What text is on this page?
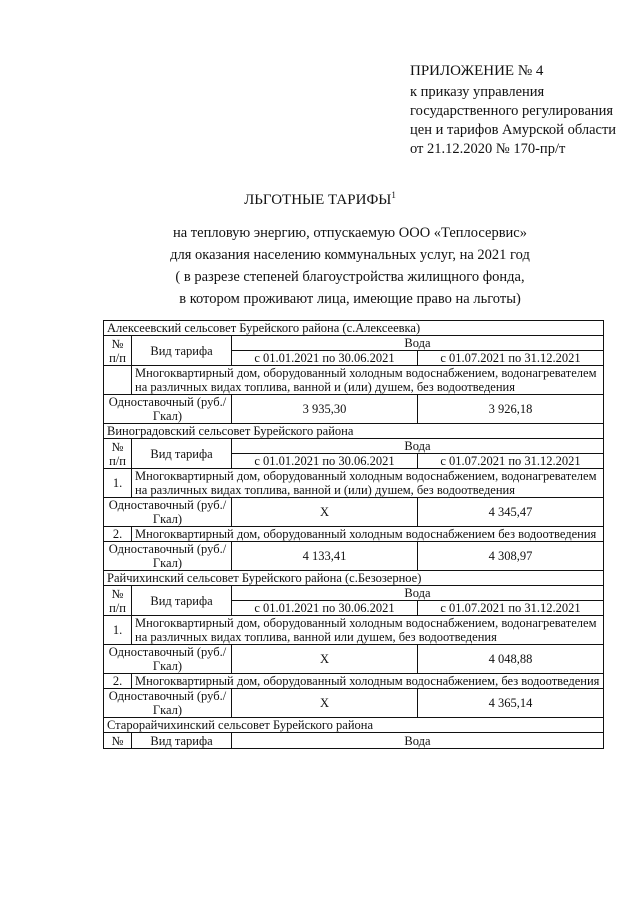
ПРИЛОЖЕНИЕ № 4
к приказу управления
государственного регулирования
цен и тарифов Амурской области
от 21.12.2020 № 170-пр/т
ЛЬГОТНЫЕ ТАРИФЫ$^1$
на тепловую энергию, отпускаемую ООО «Теплосервис»
для оказания населению коммунальных услуг, на 2021 год
( в разрезе степеней благоустройства жилищного фонда,
в котором проживают лица, имеющие право на льготы)
Алексеевский сельсовет Бурейского района (с.Алексеевка)			
№ п/п	Вид тарифа	Вода	
		с 01.01.2021 по 30.06.2021	с 01.07.2021 по 31.12.2021
	Многоквартирный дом, оборудованный холодным водоснабжением, водонагревателем на различных видах топлива, ванной и (или) душем, без водоотведения		
Одноставочный (руб./Гкал)		3 935,30	3 926,18
Виноградовский сельсовет Бурейского района			
№ п/п	Вид тарифа	Вода	
		с 01.01.2021 по 30.06.2021	с 01.07.2021 по 31.12.2021
1.	Многоквартирный дом, оборудованный холодным водоснабжением, водонагревателем на различных видах топлива, ванной и (или) душем, без водоотведения		
Одноставочный (руб./Гкал)		Х	4 345,47
2.	Многоквартирный дом, оборудованный холодным водоснабжением без водоотведения		
Одноставочный (руб./Гкал)		4 133,41	4 308,97
Райчихинский сельсовет Бурейского района (с.Безозерное)			
№ п/п	Вид тарифа	Вода	
		с 01.01.2021 по 30.06.2021	с 01.07.2021 по 31.12.2021
1.	Многоквартирный дом, оборудованный холодным водоснабжением, водонагревателем на различных видах топлива, ванной или душем, без водоотведения		
Одноставочный (руб./Гкал)		Х	4 048,88
2.	Многоквартирный дом, оборудованный холодным водоснабжением, без водоотведения		
Одноставочный (руб./Гкал)		Х	4 365,14
Старорайчихинский сельсовет Бурейского района			
№	Вид тарифа	Вода	
